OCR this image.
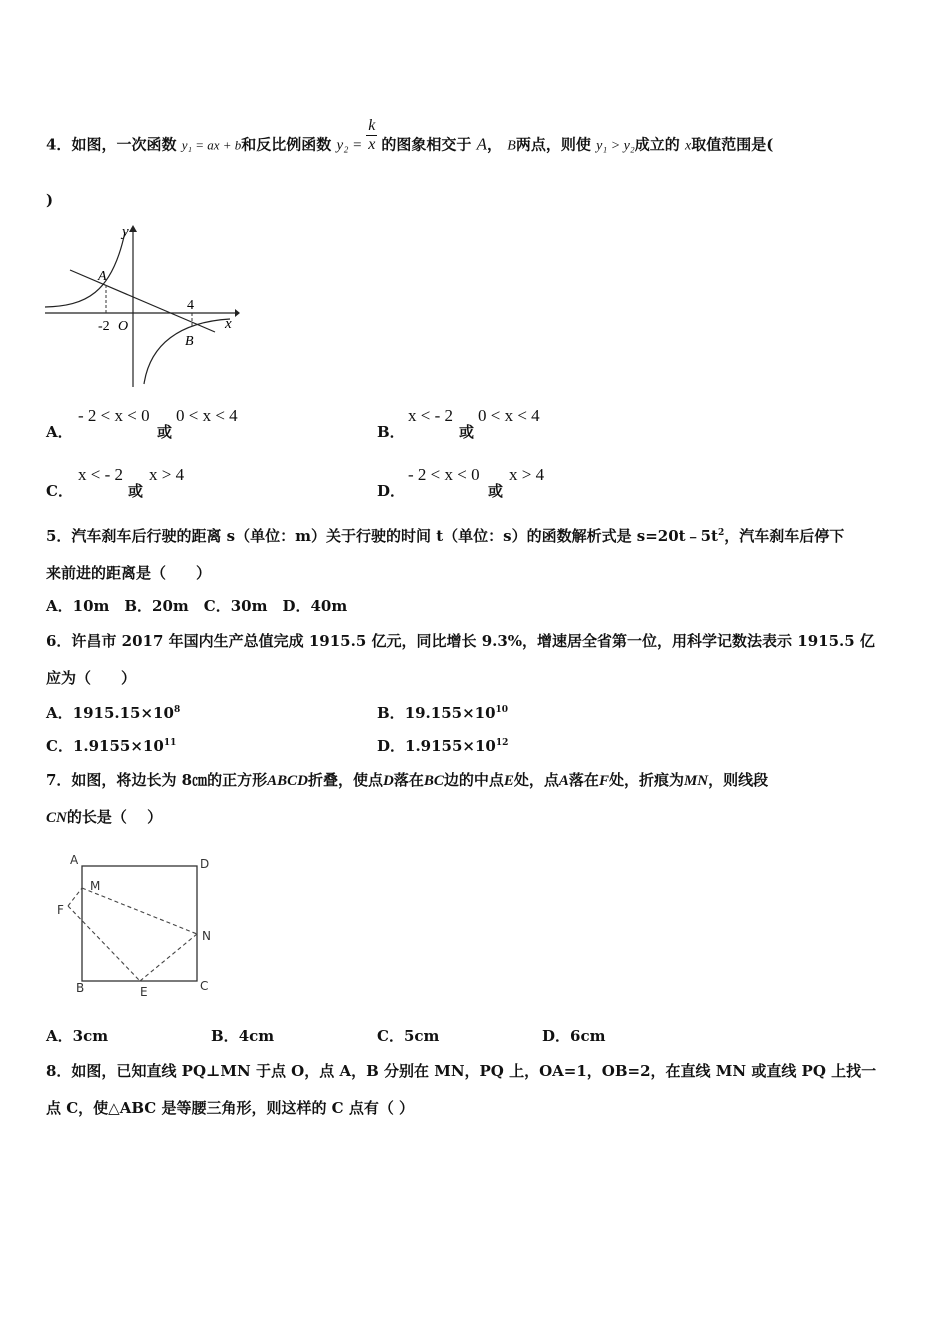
4．如图，一次函数 y₁ = ax + b和反比例函数 $y_2 = \frac{k}{x}$ 的图象相交于 A， B两点，则使 y₁ > y₂成立的 x取值范围是(
)
y
x
A
-2 O
4
B
A．
- 2 < x < 0
或
0 < x < 4
B．
x < - 2
或
0 < x < 4
C．
x < - 2
或
x > 4
D．
- 2 < x < 0
或
x > 4
5．汽车刹车后行驶的距离 s（单位：m）关于行驶的时间 t（单位：s）的函数解析式是 $s=20t﹣5t^2$，汽车刹车后停下
来前进的距离是（　　）
A．10m　B．20m　C．30m　D．40m
6．许昌市 2017 年国内生产总值完成 1915.5 亿元，同比增长 9.3%，增速居全省第一位，用科学记数法表示 1915.5 亿
应为（　　）
A．$1915.15\times 10^8$	B．$19.155\times 10^{10}$
C．$1.9155\times 10^{11}$	D．$1.9155\times 10^{12}$
7．如图，将边长为 8㎝的正方形ABCD折叠，使点D落在BC边的中点E处，点A落在F处，折痕为MN，则线段
CN的长是（　 ）
A	D
M
F
N
B	E	C
A．3cm	B．4cm	C．5cm	D．6cm
8．如图，已知直线 PQ⊥MN 于点 O，点 A，B 分别在 MN，PQ 上，OA=1，OB=2，在直线 MN 或直线 PQ 上找一
点 C，使△ABC 是等腰三角形，则这样的 C 点有（ ）
